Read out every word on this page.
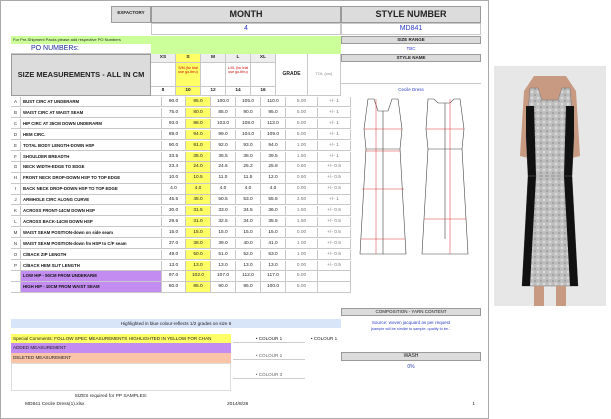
EXFACTORY	MONTH	STYLE NUMBER
4	MD841
For Pre-Shipment Packs please add respective PO Numbers
PO NUMBERs:
SIZE RANGE
TBC
STYLE NAME
Cecile Dress
SIZE MEASUREMENTS - ALL IN CM
XS	S	M	L	XL
S/M (for trial use go-thru)
L/XL (for trial use go-thru)
8	10	12	14	16
GRADE	TOL (cm)
A	BUST CIRC AT UNDERARM	90.0	95.0	100.0	105.0	110.0	5.00	+/- 1
B	WAIST CIRC AT WAIST SEAM	75.0	80.0	85.0	90.0	95.0	5.00	+/- 1
C	HIP CIRC AT 35CM DOWN UNDERARM	93.0	98.0	103.0	108.0	113.0	5.00	+/- 1
D	HEM CIRC.	89.0	94.0	99.0	104.0	109.0	5.00	+/- 1
E	TOTAL BODY LENGTH-DOWN HSP	90.0	91.0	92.0	93.0	94.0	1.00	+/- 1
F	SHOULDER BREADTH	33.5	35.0	36.5	38.0	39.5	1.50	+/- 1
G	NECK WIDTH-EDGE TO EDGE	23.4	24.0	24.6	25.2	25.8	0.60	+/- 0.5
H	FRONT NECK DROP-DOWN HSP TO TOP EDGE	10.0	10.5	11.0	11.5	12.0	0.50	+/- 0.5
I	BACK NECK DROP-DOWN HSP TO TOP EDGE	4.0	4.0	4.0	4.0	4.0	0.00	+/- 0.5
J	ARMHOLE CIRC ALONG CURVE	45.5	48.0	50.5	53.0	55.5	2.50	+/- 1
K	ACROSS FRONT-14CM DOWN HSP	30.0	31.5	33.0	34.5	36.0	1.50	+/- 0.5
L	ACROSS BACK-14CM DOWN HSP	29.5	31.0	32.5	34.0	35.5	1.50	+/- 0.5
M	WAIST SEAM POSITION-down on side seam	15.0	15.0	15.0	15.0	15.0	0.00	+/- 0.5
N	WAIST SEAM POSITION-down fm HSP to C/F seam	37.0	38.0	39.0	40.0	41.0	1.00	+/- 0.5
O	C/BACK ZIP LENGTH	49.0	50.0	51.0	52.0	53.0	1.00	+/- 0.5
P	C/BACK HEM SLIT LENGTH	13.0	13.0	13.0	13.0	13.0	0.00	+/- 0.5
LOW HIP - 50CM FROM UNDERARM	97.0	102.0	107.0	112.0	117.0	5.00
HIGH HIP - 10CM FROM WAIST SEAM	80.0	85.0	90.0	95.0	100.0	5.00
Highlighted in blue colour-reflects 1/2 grades on size 6
COMPOSITION - YARN CONTENT
Source: woven jacquard as per request
(sample will be similar to sample, quality to be...
Special Comments: FOLLOW SPEC MEASUREMENTS HIGHLIGHTED IN YELLOW FOR CHAN
ADDED MEASUREMENT
DELETED MEASUREMENT
• COLOUR 1
• COLOUR 2
• COLOUR 3
• COLOUR 1
WASH
0%
SIZES required for PP SAMPLES:
MD841 Cecile Dress(1).xlsx	2014/8/26	1
